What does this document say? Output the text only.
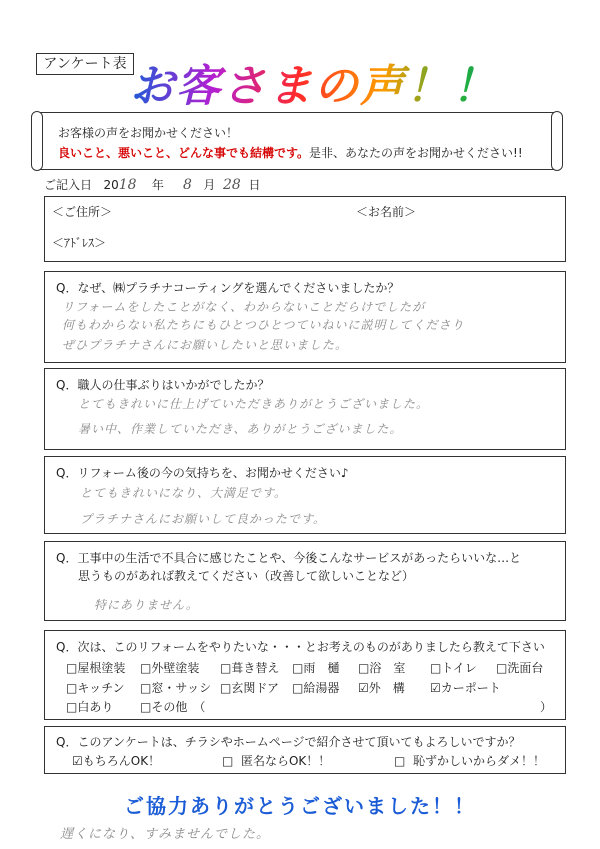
アンケート表 お客さまの声！！
お客様の声をお聞かせください！
良いこと、悪いこと、どんな事でも結構です。是非、あなたの声をお聞かせください!!
ご記入日 2018 年 8 月 28 日
＜ご住所＞	＜お名前＞
＜ｱﾄﾞﾚｽ＞
Q．なぜ、㈱プラチナコーティングを選んでくださいましたか？
リフォームをしたことがなく、わからないことだらけでしたが
何もわからない私たちにもひとつひとつていねいに説明してくださり
ぜひプラチナさんにお願いしたいと思いました。
Q．職人の仕事ぶりはいかがでしたか？
とてもきれいに仕上げていただきありがとうございました。
暑い中、作業していただき、ありがとうございました。
Q．リフォーム後の今の気持ちを、お聞かせください♪
とてもきれいになり、大満足です。
プラチナさんにお願いして良かったです。
Q．工事中の生活で不具合に感じたことや、今後こんなサービスがあったらいいな…と
思うものがあれば教えてください（改善して欲しいことなど）
特にありません。
Q．次は、このリフォームをやりたいな・・・とお考えのものがありましたら教えて下さい
□屋根塗装 □外壁塗装 □葺き替え □雨　樋 □浴　室 □トイレ □洗面台
□キッチン □窓・サッシ □玄関ドア □給湯器 ☑外　構 ☑カーポート
□白あり □その他　（	）
Q．このアンケートは、チラシやホームページで紹介させて頂いてもよろしいですか？
☑もちろんOK！	□ 匿名ならOK！！	□ 恥ずかしいからダメ！！
ご協力ありがとうございました！！
遅くになり、すみませんでした。
